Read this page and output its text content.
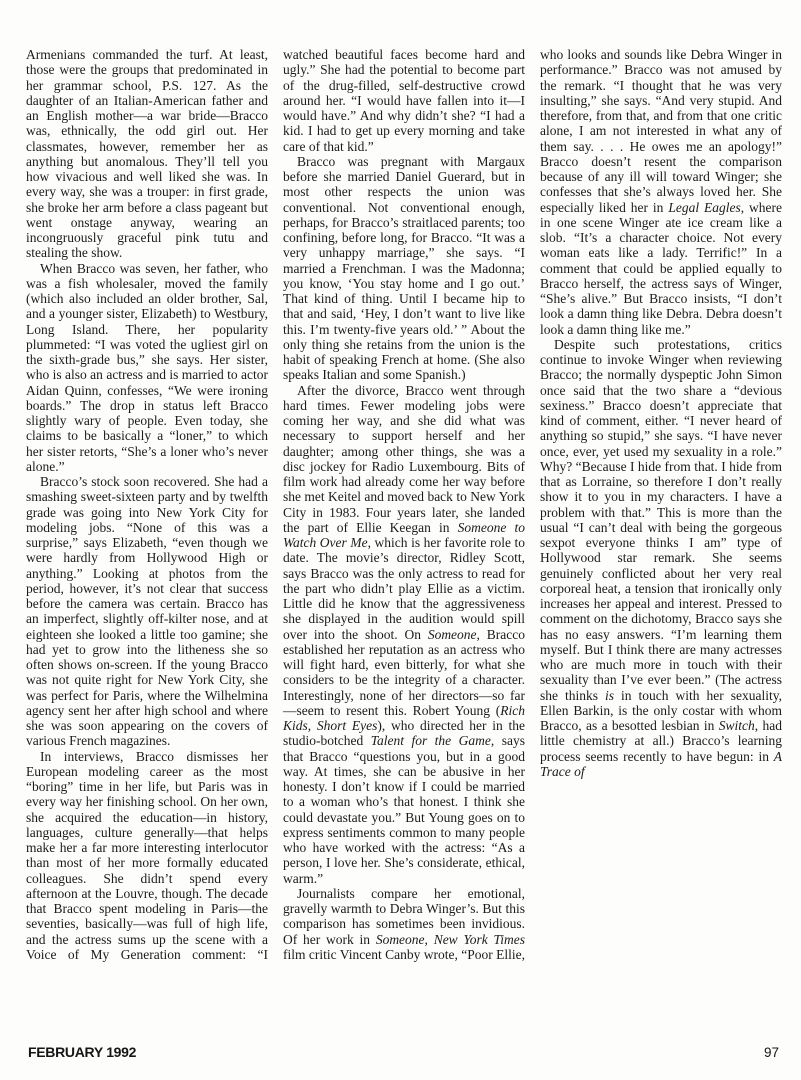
Armenians commanded the turf. At least, those were the groups that predominated in her grammar school, P.S. 127. As the daughter of an Italian-American father and an English mother—a war bride—Bracco was, ethnically, the odd girl out. Her classmates, however, remember her as anything but anomalous. They’ll tell you how vivacious and well liked she was. In every way, she was a trouper: in first grade, she broke her arm before a class pageant but went onstage anyway, wearing an incongruously graceful pink tutu and stealing the show.

When Bracco was seven, her father, who was a fish wholesaler, moved the family (which also included an older brother, Sal, and a younger sister, Elizabeth) to Westbury, Long Island. There, her popularity plummeted: “I was voted the ugliest girl on the sixth-grade bus,” she says. Her sister, who is also an actress and is married to actor Aidan Quinn, confesses, “We were ironing boards.” The drop in status left Bracco slightly wary of people. Even today, she claims to be basically a “loner,” to which her sister retorts, “She’s a loner who’s never alone.”

Bracco’s stock soon recovered. She had a smashing sweet-sixteen party and by twelfth grade was going into New York City for modeling jobs. “None of this was a surprise,” says Elizabeth, “even though we were hardly from Hollywood High or anything.” Looking at photos from the period, however, it’s not clear that success before the camera was certain. Bracco has an imperfect, slightly off-kilter nose, and at eighteen she looked a little too gamine; she had yet to grow into the litheness she so often shows on-screen. If the young Bracco was not quite right for New York City, she was perfect for Paris, where the Wilhelmina agency sent her after high school and where she was soon appearing on the covers of various French magazines.

In interviews, Bracco dismisses her European modeling career as the most “boring” time in her life, but Paris was in every way her finishing school. On her own, she acquired the education—in history, languages, culture generally—that helps make her a far more interesting interlocutor than most of her more formally educated colleagues. She didn’t spend every afternoon at the Louvre, though. The decade that Bracco spent modeling in Paris—the seventies, basically—was full of high life, and the actress sums up the scene with a Voice of My Generation comment: “I watched beautiful faces become hard and ugly.” She had the potential to become part of the drug-filled, self-destructive crowd around her. “I would have fallen into it—I would have.” And why didn’t she? “I had a kid. I had to get up every morning and take care of that kid.”

Bracco was pregnant with Margaux before she married Daniel Guerard, but in most other respects the union was conventional. Not conventional enough, perhaps, for Bracco’s straitlaced parents; too confining, before long, for Bracco. “It was a very unhappy marriage,” she says. “I married a Frenchman. I was the Madonna; you know, ‘You stay home and I go out.’ That kind of thing. Until I became hip to that and said, ‘Hey, I don’t want to live like this. I’m twenty-five years old.’ ” About the only thing she retains from the union is the habit of speaking French at home. (She also speaks Italian and some Spanish.)

After the divorce, Bracco went through hard times. Fewer modeling jobs were coming her way, and she did what was necessary to support herself and her daughter; among other things, she was a disc jockey for Radio Luxembourg. Bits of film work had already come her way before she met Keitel and moved back to New York City in 1983. Four years later, she landed the part of Ellie Keegan in Someone to Watch Over Me, which is her favorite role to date. The movie’s director, Ridley Scott, says Bracco was the only actress to read for the part who didn’t play Ellie as a victim. Little did he know that the aggressiveness she displayed in the audition would spill over into the shoot. On Someone, Bracco established her reputation as an actress who will fight hard, even bitterly, for what she considers to be the integrity of a character. Interestingly, none of her directors—so far—seem to resent this. Robert Young (Rich Kids, Short Eyes), who directed her in the studio-botched Talent for the Game, says that Bracco “questions you, but in a good way. At times, she can be abusive in her honesty. I don’t know if I could be married to a woman who’s that honest. I think she could devastate you.” But Young goes on to express sentiments common to many people who have worked with the actress: “As a person, I love her. She’s considerate, ethical, warm.”

Journalists compare her emotional, gravelly warmth to Debra Winger’s. But this comparison has sometimes been invidious. Of her work in Someone, New York Times film critic Vincent Canby wrote, “Poor Ellie, who looks and sounds like Debra Winger in performance.” Bracco was not amused by the remark. “I thought that he was very insulting,” she says. “And very stupid. And therefore, from that, and from that one critic alone, I am not interested in what any of them say. . . . He owes me an apology!” Bracco doesn’t resent the comparison because of any ill will toward Winger; she confesses that she’s always loved her. She especially liked her in Legal Eagles, where in one scene Winger ate ice cream like a slob. “It’s a character choice. Not every woman eats like a lady. Terrific!” In a comment that could be applied equally to Bracco herself, the actress says of Winger, “She’s alive.” But Bracco insists, “I don’t look a damn thing like Debra. Debra doesn’t look a damn thing like me.”

Despite such protestations, critics continue to invoke Winger when reviewing Bracco; the normally dyspeptic John Simon once said that the two share a “devious sexiness.” Bracco doesn’t appreciate that kind of comment, either. “I never heard of anything so stupid,” she says. “I have never once, ever, yet used my sexuality in a role.” Why? “Because I hide from that. I hide from that as Lorraine, so therefore I don’t really show it to you in my characters. I have a problem with that.” This is more than the usual “I can’t deal with being the gorgeous sexpot everyone thinks I am” type of Hollywood star remark. She seems genuinely conflicted about her very real corporeal heat, a tension that ironically only increases her appeal and interest. Pressed to comment on the dichotomy, Bracco says she has no easy answers. “I’m learning them myself. But I think there are many actresses who are much more in touch with their sexuality than I’ve ever been.” (The actress she thinks is in touch with her sexuality, Ellen Barkin, is the only costar with whom Bracco, as a besotted lesbian in Switch, had little chemistry at all.) Bracco’s learning process seems recently to have begun: in A Trace of

FEBRUARY 1992	97
